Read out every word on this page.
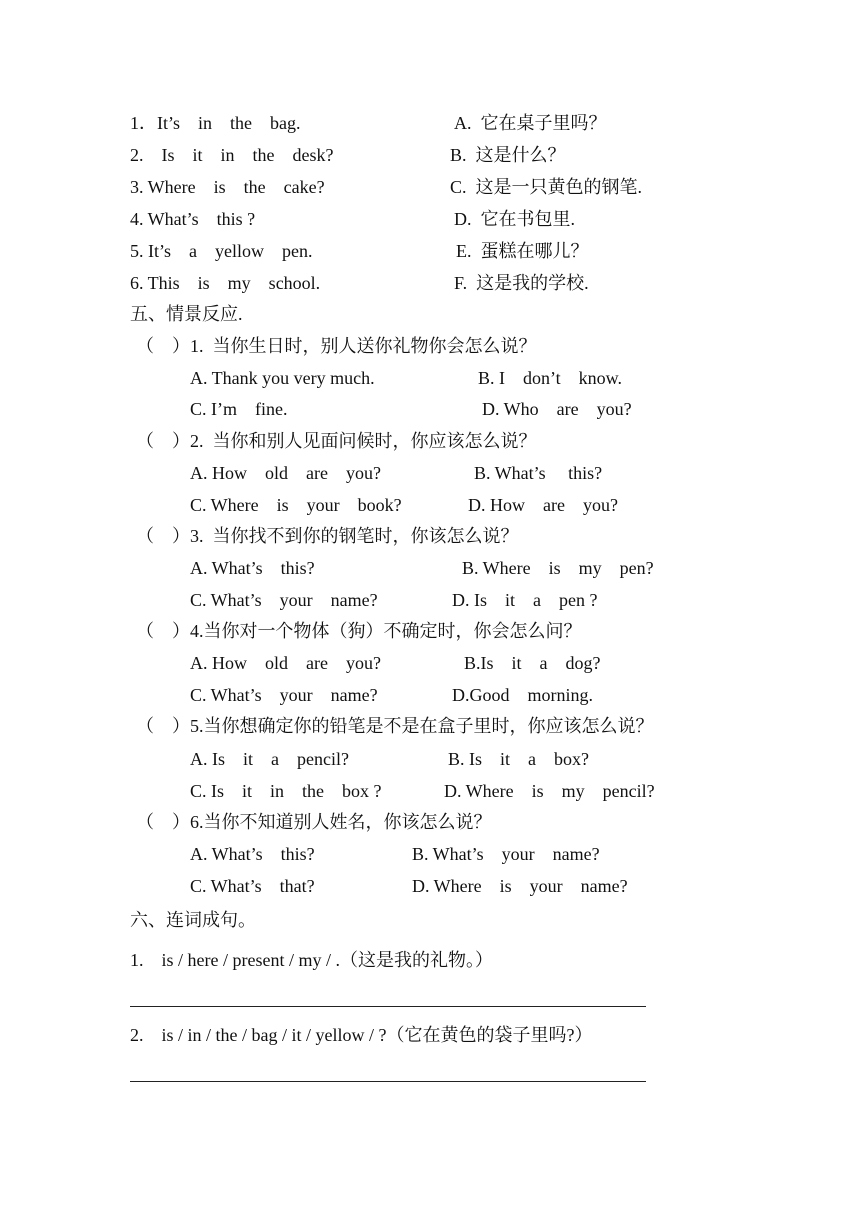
1．It’s    in    the    bag.	A.  它在桌子里吗？
2.    Is    it    in    the    desk?	B.  这是什么？
3. Where    is    the    cake?	C.  这是一只黄色的钢笔.
4. What’s    this ?	D.  它在书包里.
5. It’s    a    yellow    pen.	E.  蛋糕在哪儿？
6. This    is    my    school.	F.  这是我的学校.
五、情景反应.
（    ）1.  当你生日时，别人送你礼物你会怎么说？
A. Thank you very much.	B. I    don’t    know.
C. I’m    fine.	D. Who    are    you?
（    ）2.  当你和别人见面问候时，你应该怎么说？
A. How    old    are    you?	B. What’s     this?
C. Where    is    your    book?	D. How    are    you?
（    ）3.  当你找不到你的钢笔时，你该怎么说？
A. What’s    this?	B. Where    is    my    pen?
C. What’s    your    name?	D. Is    it    a    pen ?
（    ）4.当你对一个物体（狗）不确定时，你会怎么问？
A. How    old    are    you?	B.Is    it    a    dog?
C. What’s    your    name?	D.Good    morning.
（    ）5.当你想确定你的铅笔是不是在盒子里时，你应该怎么说？
A. Is    it    a    pencil?	B. Is    it    a    box?
C. Is    it    in    the    box ?	D. Where    is    my    pencil?
（    ）6.当你不知道别人姓名，你该怎么说？
A. What’s    this?	B. What’s    your    name?
C. What’s    that?	D. Where    is    your    name?
六、连词成句。
1.    is / here / present / my / .（这是我的礼物。）
2.    is / in / the / bag / it / yellow / ?（它在黄色的袋子里吗?）
